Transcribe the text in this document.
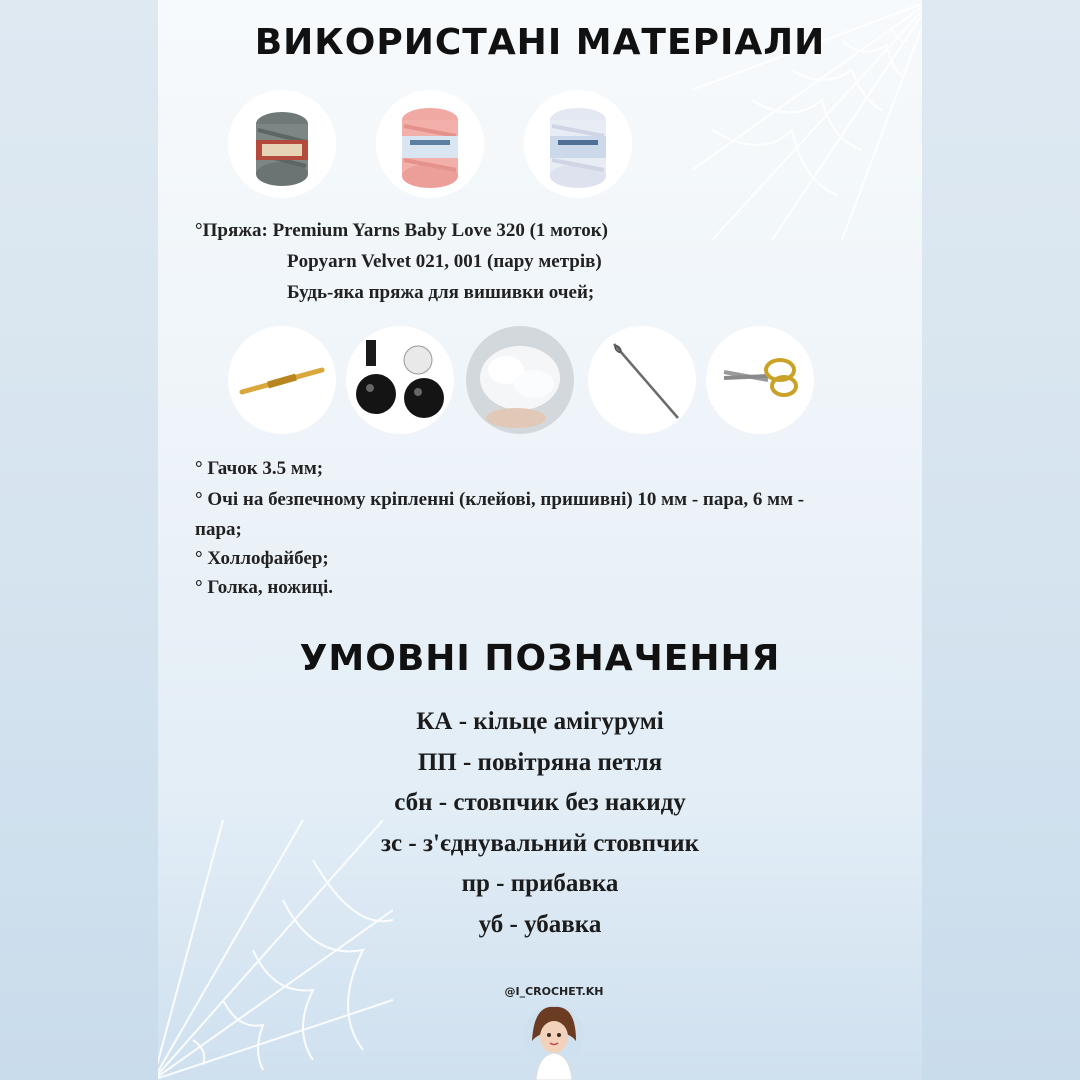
ВИКОРИСТАНІ МАТЕРІАЛИ
°Пряжа: Premium Yarns Baby Love 320 (1 моток)
Popyarn Velvet 021, 001 (пару метрів)
Будь-яка пряжа для вишивки очей;
° Гачок 3.5 мм;
° Очі на безпечному кріпленні (клейові, пришивні) 10 мм - пара, 6 мм -
пара;
° Холлофайбер;
° Голка, ножиці.
УМОВНІ ПОЗНАЧЕННЯ
КА - кільце амігурумі
ПП - повітряна петля
сбн - стовпчик без накиду
зс - з'єднувальний стовпчик
пр - прибавка
уб - убавка
@I_CROCHET.KH
